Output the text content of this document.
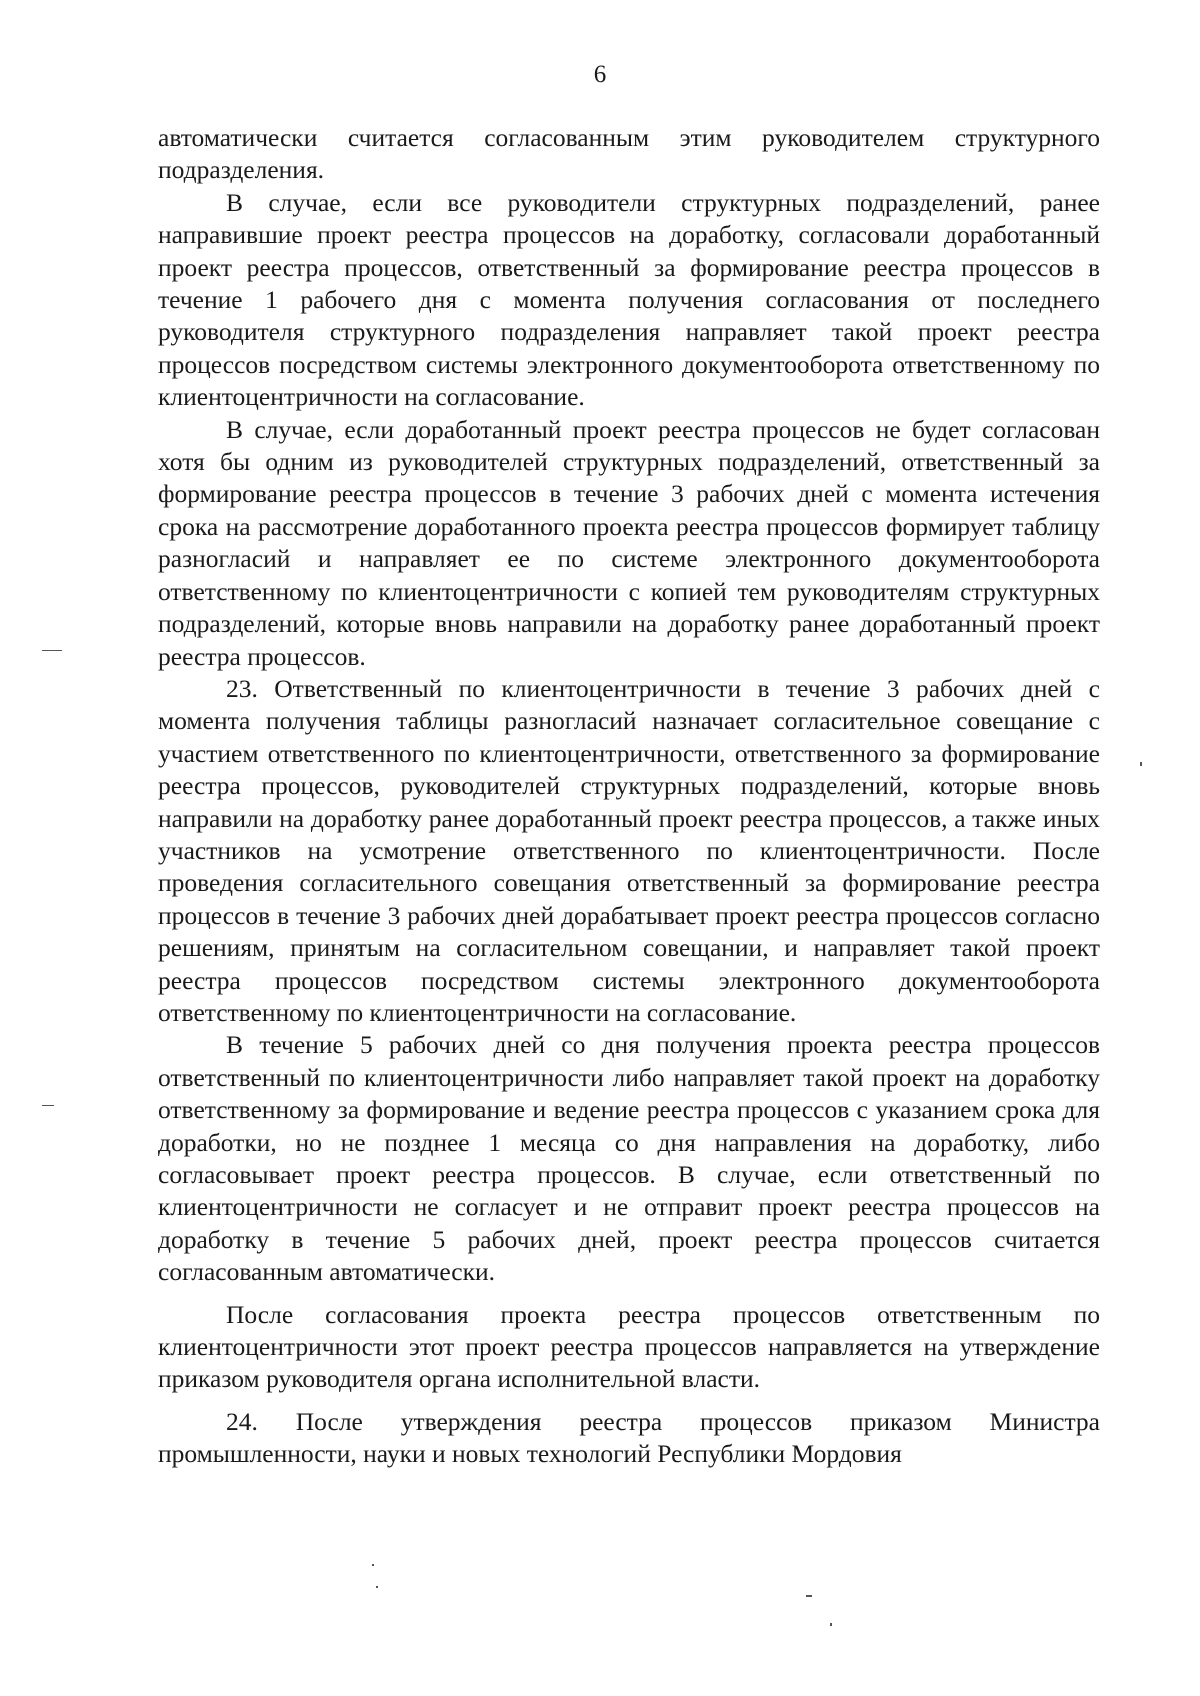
6

автоматически считается согласованным этим руководителем структурного подразделения.

В случае, если все руководители структурных подразделений, ранее направившие проект реестра процессов на доработку, согласовали доработанный проект реестра процессов, ответственный за формирование реестра процессов в течение 1 рабочего дня с момента получения согласования от последнего руководителя структурного подразделения направляет такой проект реестра процессов посредством системы электронного документооборота ответственному по клиентоцентричности на согласование.

В случае, если доработанный проект реестра процессов не будет согласован хотя бы одним из руководителей структурных подразделений, ответственный за формирование реестра процессов в течение 3 рабочих дней с момента истечения срока на рассмотрение доработанного проекта реестра процессов формирует таблицу разногласий и направляет ее по системе электронного документооборота ответственному по клиентоцентричности с копией тем руководителям структурных подразделений, которые вновь направили на доработку ранее доработанный проект реестра процессов.

23. Ответственный по клиентоцентричности в течение 3 рабочих дней с момента получения таблицы разногласий назначает согласительное совещание с участием ответственного по клиентоцентричности, ответственного за формирование реестра процессов, руководителей структурных подразделений, которые вновь направили на доработку ранее доработанный проект реестра процессов, а также иных участников на усмотрение ответственного по клиентоцентричности. После проведения согласительного совещания ответственный за формирование реестра процессов в течение 3 рабочих дней дорабатывает проект реестра процессов согласно решениям, принятым на согласительном совещании, и направляет такой проект реестра процессов посредством системы электронного документооборота ответственному по клиентоцентричности на согласование.

В течение 5 рабочих дней со дня получения проекта реестра процессов ответственный по клиентоцентричности либо направляет такой проект на доработку ответственному за формирование и ведение реестра процессов с указанием срока для доработки, но не позднее 1 месяца со дня направления на доработку, либо согласовывает проект реестра процессов. В случае, если ответственный по клиентоцентричности не согласует и не отправит проект реестра процессов на доработку в течение 5 рабочих дней, проект реестра процессов считается согласованным автоматически.

После согласования проекта реестра процессов ответственным по клиентоцентричности этот проект реестра процессов направляется на утверждение приказом руководителя органа исполнительной власти.

24. После утверждения реестра процессов приказом Министра промышленности, науки и новых технологий Республики Мордовия
